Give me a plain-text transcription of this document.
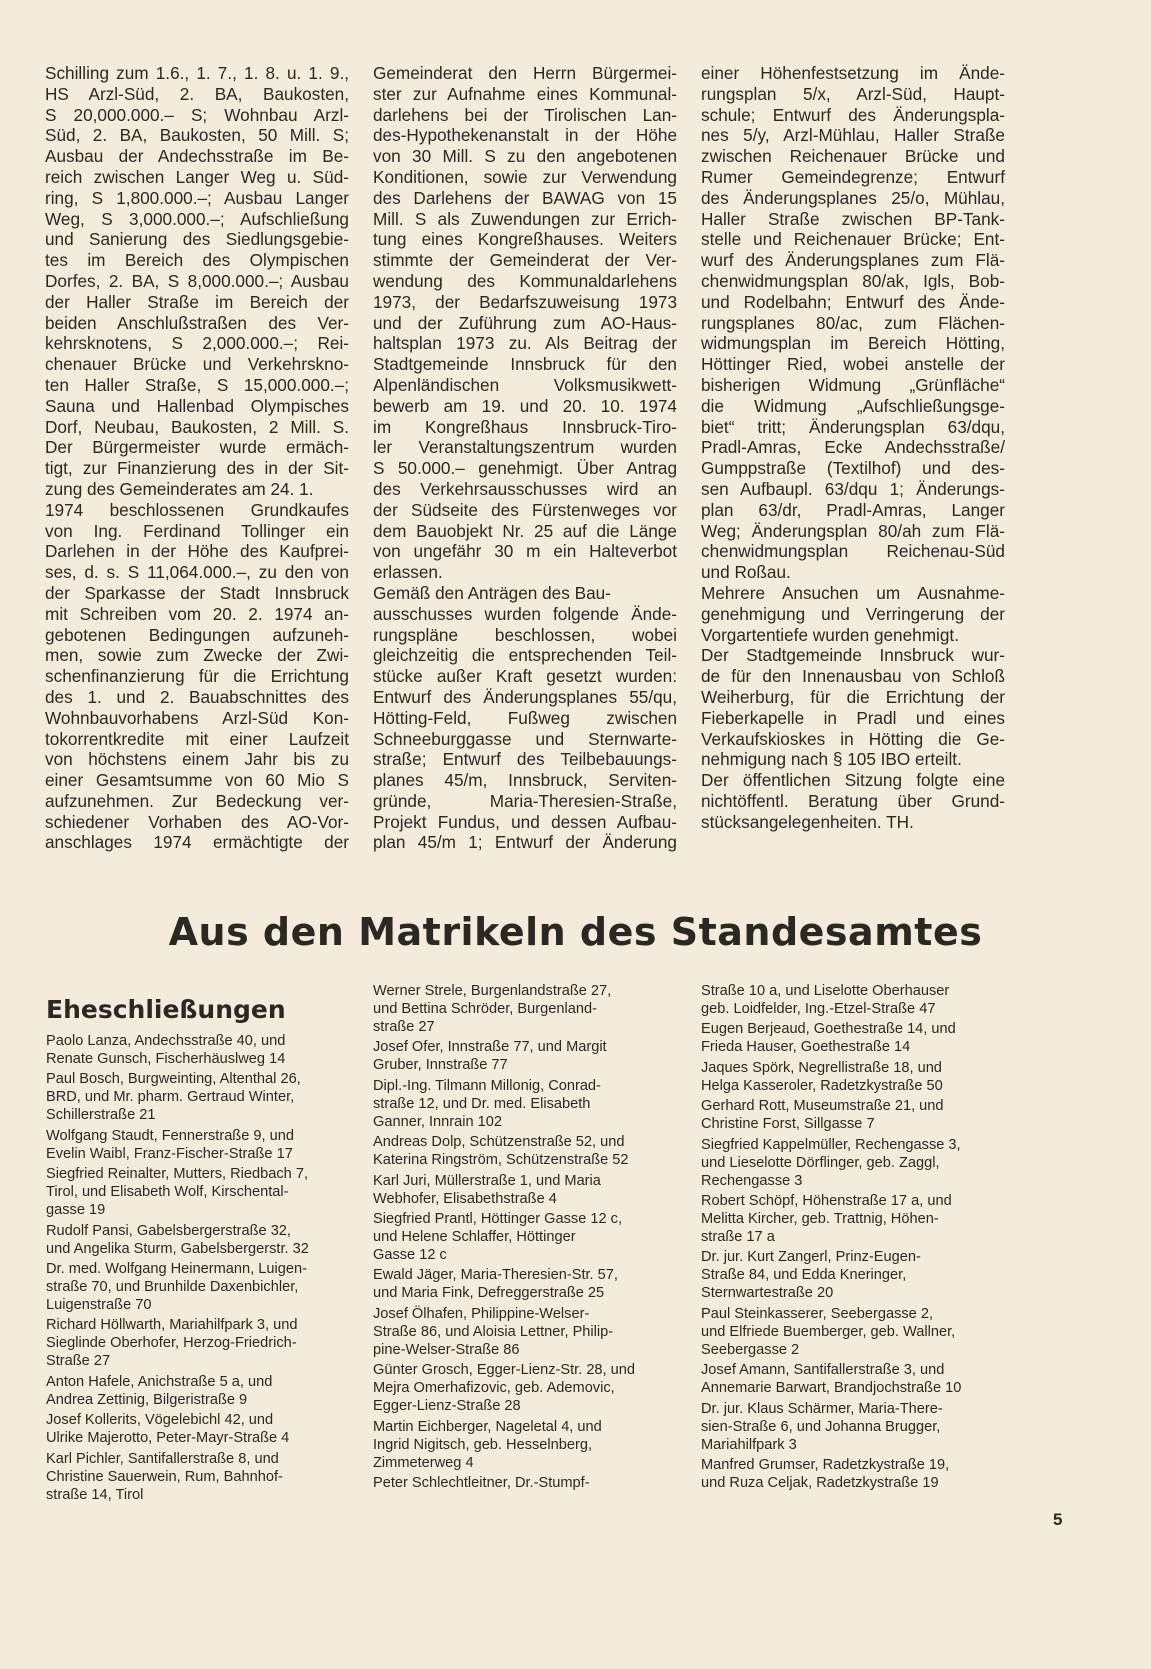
Schilling zum 1.6., 1. 7., 1. 8. u. 1. 9.,
HS Arzl-Süd, 2. BA, Baukosten,
S 20,000.000.– S; Wohnbau Arzl-
Süd, 2. BA, Baukosten, 50 Mill. S;
Ausbau der Andechsstraße im Be-
reich zwischen Langer Weg u. Süd-
ring, S 1,800.000.–; Ausbau Langer
Weg, S 3,000.000.–; Aufschließung
und Sanierung des Siedlungsgebie-
tes im Bereich des Olympischen
Dorfes, 2. BA, S 8,000.000.–; Ausbau
der Haller Straße im Bereich der
beiden Anschlußstraßen des Ver-
kehrsknotens, S 2,000.000.–; Rei-
chenauer Brücke und Verkehrskno-
ten Haller Straße, S 15,000.000.–;
Sauna und Hallenbad Olympisches
Dorf, Neubau, Baukosten, 2 Mill. S.
Der Bürgermeister wurde ermäch-
tigt, zur Finanzierung des in der Sit-
zung des Gemeinderates am 24. 1.
1974 beschlossenen Grundkaufes
von Ing. Ferdinand Tollinger ein
Darlehen in der Höhe des Kaufprei-
ses, d. s. S 11,064.000.–, zu den von
der Sparkasse der Stadt Innsbruck
mit Schreiben vom 20. 2. 1974 an-
gebotenen Bedingungen aufzuneh-
men, sowie zum Zwecke der Zwi-
schenfinanzierung für die Errichtung
des 1. und 2. Bauabschnittes des
Wohnbauvorhabens Arzl-Süd Kon-
tokorrentkredite mit einer Laufzeit
von höchstens einem Jahr bis zu
einer Gesamtsumme von 60 Mio S
aufzunehmen. Zur Bedeckung ver-
schiedener Vorhaben des AO-Vor-
anschlages 1974 ermächtigte der
Gemeinderat den Herrn Bürgermei-
ster zur Aufnahme eines Kommunal-
darlehens bei der Tirolischen Lan-
des-Hypothekenanstalt in der Höhe
von 30 Mill. S zu den angebotenen
Konditionen, sowie zur Verwendung
des Darlehens der BAWAG von 15
Mill. S als Zuwendungen zur Errich-
tung eines Kongreßhauses. Weiters
stimmte der Gemeinderat der Ver-
wendung des Kommunaldarlehens
1973, der Bedarfszuweisung 1973
und der Zuführung zum AO-Haus-
haltsplan 1973 zu. Als Beitrag der
Stadtgemeinde Innsbruck für den
Alpenländischen Volksmusikwett-
bewerb am 19. und 20. 10. 1974
im Kongreßhaus Innsbruck-Tiro-
ler Veranstaltungszentrum wurden
S 50.000.– genehmigt. Über Antrag
des Verkehrsausschusses wird an
der Südseite des Fürstenweges vor
dem Bauobjekt Nr. 25 auf die Länge
von ungefähr 30 m ein Halteverbot
erlassen.
Gemäß den Anträgen des Bau-
ausschusses wurden folgende Ände-
rungspläne beschlossen, wobei
gleichzeitig die entsprechenden Teil-
stücke außer Kraft gesetzt wurden:
Entwurf des Änderungsplanes 55/qu,
Hötting-Feld, Fußweg zwischen
Schneeburggasse und Sternwarte-
straße; Entwurf des Teilbebauungs-
planes 45/m, Innsbruck, Serviten-
gründe, Maria-Theresien-Straße,
Projekt Fundus, und dessen Aufbau-
plan 45/m 1; Entwurf der Änderung
einer Höhenfestsetzung im Ände-
rungsplan 5/x, Arzl-Süd, Haupt-
schule; Entwurf des Änderungspla-
nes 5/y, Arzl-Mühlau, Haller Straße
zwischen Reichenauer Brücke und
Rumer Gemeindegrenze; Entwurf
des Änderungsplanes 25/o, Mühlau,
Haller Straße zwischen BP-Tank-
stelle und Reichenauer Brücke; Ent-
wurf des Änderungsplanes zum Flä-
chenwidmungsplan 80/ak, Igls, Bob-
und Rodelbahn; Entwurf des Ände-
rungsplanes 80/ac, zum Flächen-
widmungsplan im Bereich Hötting,
Höttinger Ried, wobei anstelle der
bisherigen Widmung „Grünfläche“
die Widmung „Aufschließungsge-
biet“ tritt; Änderungsplan 63/dqu,
Pradl-Amras, Ecke Andechsstraße/
Gumppstraße (Textilhof) und des-
sen Aufbaupl. 63/dqu 1; Änderungs-
plan 63/dr, Pradl-Amras, Langer
Weg; Änderungsplan 80/ah zum Flä-
chenwidmungsplan Reichenau-Süd
und Roßau.
Mehrere Ansuchen um Ausnahme-
genehmigung und Verringerung der
Vorgartentiefe wurden genehmigt.
Der Stadtgemeinde Innsbruck wur-
de für den Innenausbau von Schloß
Weiherburg, für die Errichtung der
Fieberkapelle in Pradl und eines
Verkaufskioskes in Hötting die Ge-
nehmigung nach § 105 IBO erteilt.
Der öffentlichen Sitzung folgte eine
nichtöffentl. Beratung über Grund-
stücksangelegenheiten. TH.
Aus den Matrikeln des Standesamtes
Eheschließungen
Paolo Lanza, Andechsstraße 40, und
Renate Gunsch, Fischerhäuslweg 14
Paul Bosch, Burgweinting, Altenthal 26,
BRD, und Mr. pharm. Gertraud Winter,
Schillerstraße 21
Wolfgang Staudt, Fennerstraße 9, und
Evelin Waibl, Franz-Fischer-Straße 17
Siegfried Reinalter, Mutters, Riedbach 7,
Tirol, und Elisabeth Wolf, Kirschental-
gasse 19
Rudolf Pansi, Gabelsbergerstraße 32,
und Angelika Sturm, Gabelsbergerstr. 32
Dr. med. Wolfgang Heinermann, Luigen-
straße 70, und Brunhilde Daxenbichler,
Luigenstraße 70
Richard Höllwarth, Mariahilfpark 3, und
Sieglinde Oberhofer, Herzog-Friedrich-
Straße 27
Anton Hafele, Anichstraße 5 a, und
Andrea Zettinig, Bilgeristraße 9
Josef Kollerits, Vögelebichl 42, und
Ulrike Majerotto, Peter-Mayr-Straße 4
Karl Pichler, Santifallerstraße 8, und
Christine Sauerwein, Rum, Bahnhof-
straße 14, Tirol
Werner Strele, Burgenlandstraße 27,
und Bettina Schröder, Burgenland-
straße 27
Josef Ofer, Innstraße 77, und Margit
Gruber, Innstraße 77
Dipl.-Ing. Tilmann Millonig, Conrad-
straße 12, und Dr. med. Elisabeth
Ganner, Innrain 102
Andreas Dolp, Schützenstraße 52, und
Katerina Ringström, Schützenstraße 52
Karl Juri, Müllerstraße 1, und Maria
Webhofer, Elisabethstraße 4
Siegfried Prantl, Höttinger Gasse 12 c,
und Helene Schlaffer, Höttinger
Gasse 12 c
Ewald Jäger, Maria-Theresien-Str. 57,
und Maria Fink, Defreggerstraße 25
Josef Ölhafen, Philippine-Welser-
Straße 86, und Aloisia Lettner, Philip-
pine-Welser-Straße 86
Günter Grosch, Egger-Lienz-Str. 28, und
Mejra Omerhafizovic, geb. Ademovic,
Egger-Lienz-Straße 28
Martin Eichberger, Nageletal 4, und
Ingrid Nigitsch, geb. Hesselnberg,
Zimmeterweg 4
Peter Schlechtleitner, Dr.-Stumpf-
Straße 10 a, und Liselotte Oberhauser
geb. Loidfelder, Ing.-Etzel-Straße 47
Eugen Berjeaud, Goethestraße 14, und
Frieda Hauser, Goethestraße 14
Jaques Spörk, Negrellistraße 18, und
Helga Kasseroler, Radetzkystraße 50
Gerhard Rott, Museumstraße 21, und
Christine Forst, Sillgasse 7
Siegfried Kappelmüller, Rechengasse 3,
und Lieselotte Dörflinger, geb. Zaggl,
Rechengasse 3
Robert Schöpf, Höhenstraße 17 a, und
Melitta Kircher, geb. Trattnig, Höhen-
straße 17 a
Dr. jur. Kurt Zangerl, Prinz-Eugen-
Straße 84, und Edda Kneringer,
Sternwartestraße 20
Paul Steinkasserer, Seebergasse 2,
und Elfriede Buemberger, geb. Wallner,
Seebergasse 2
Josef Amann, Santifallerstraße 3, und
Annemarie Barwart, Brandjochstraße 10
Dr. jur. Klaus Schärmer, Maria-There-
sien-Straße 6, und Johanna Brugger,
Mariahilfpark 3
Manfred Grumser, Radetzkystraße 19,
und Ruza Celjak, Radetzkystraße 19
5
